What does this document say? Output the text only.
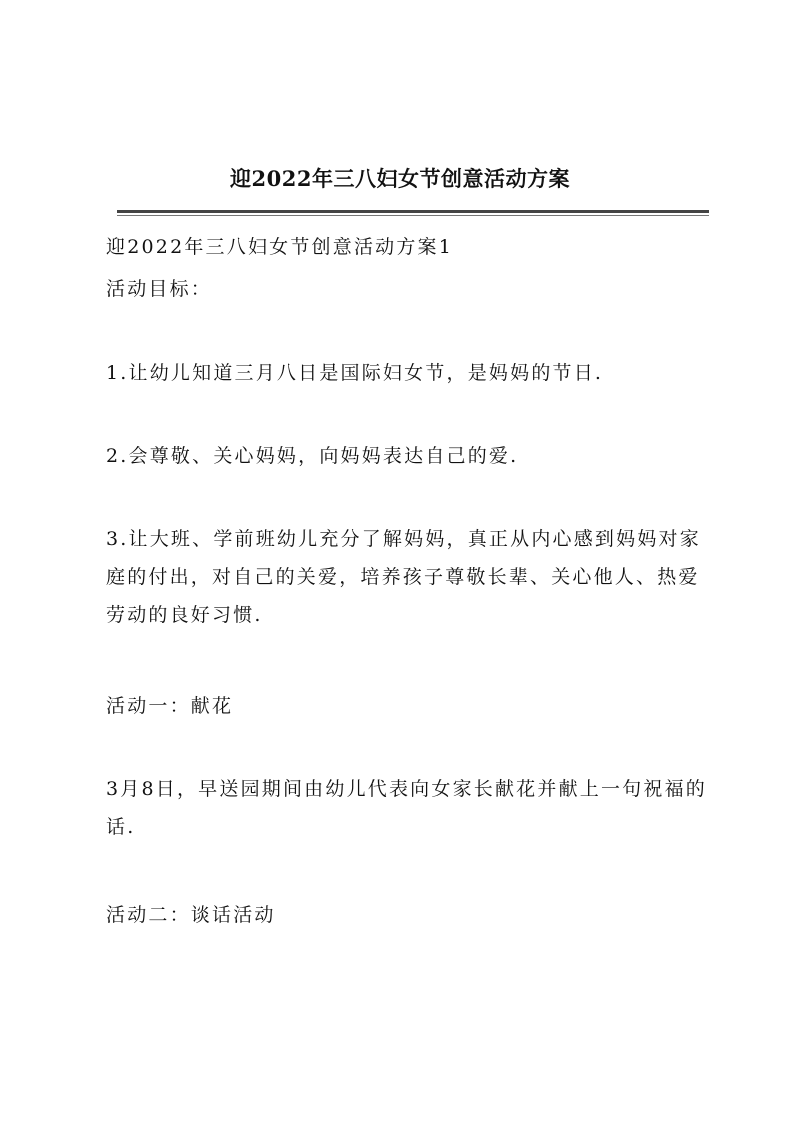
迎2022年三八妇女节创意活动方案

迎2022年三八妇女节创意活动方案1

活动目标：

1.让幼儿知道三月八日是国际妇女节，是妈妈的节日.

2.会尊敬、关心妈妈，向妈妈表达自己的爱.

3.让大班、学前班幼儿充分了解妈妈，真正从内心感到妈妈对家庭的付出，对自己的关爱，培养孩子尊敬长辈、关心他人、热爱劳动的良好习惯.

活动一：献花

3月8日，早送园期间由幼儿代表向女家长献花并献上一句祝福的话.

活动二：谈话活动
